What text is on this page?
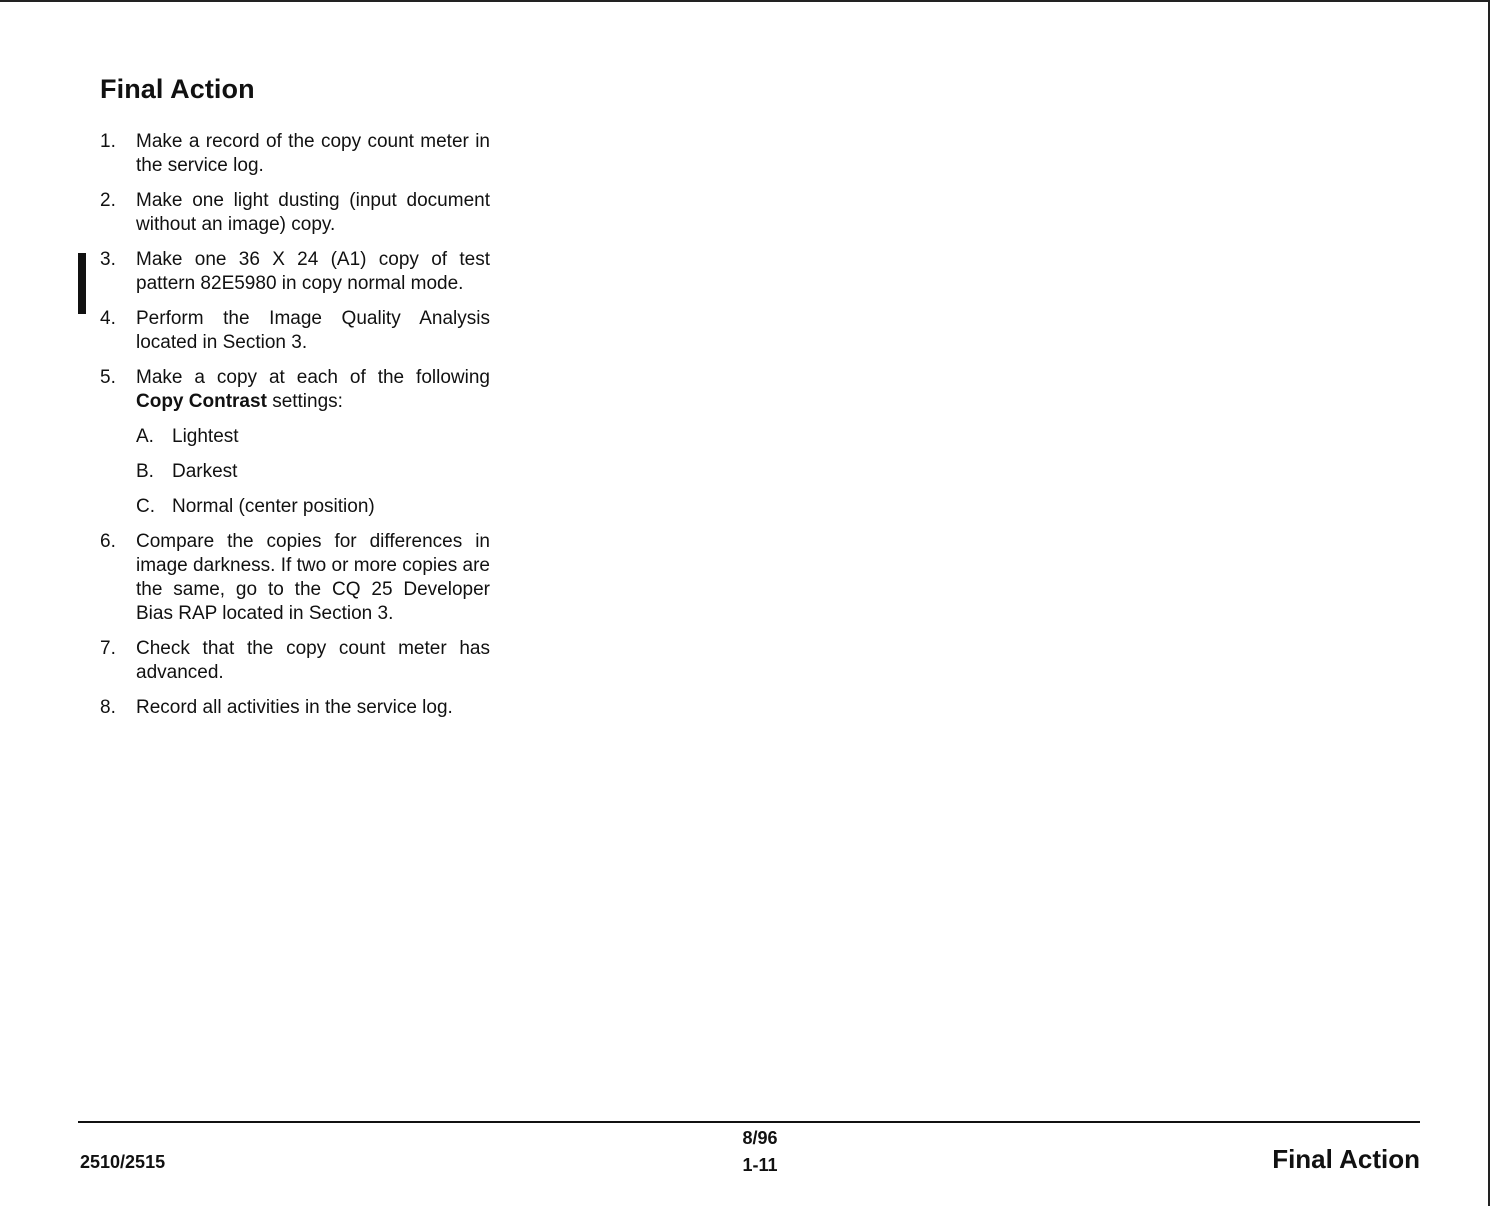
Final Action
1.	Make a record of the copy count meter in the service log.
2.	Make one light dusting (input document without an image) copy.
3.	Make one 36 X 24 (A1) copy of test pattern 82E5980 in copy normal mode.
4.	Perform the Image Quality Analysis located in Section 3.
5.	Make a copy at each of the following Copy Contrast settings:
A. Lightest
B. Darkest
C. Normal (center position)
6.	Compare the copies for differences in image darkness. If two or more copies are the same, go to the CQ 25 Developer Bias RAP located in Section 3.
7.	Check that the copy count meter has advanced.
8.	Record all activities in the service log.
2510/2515
8/96
1-11	Final Action
